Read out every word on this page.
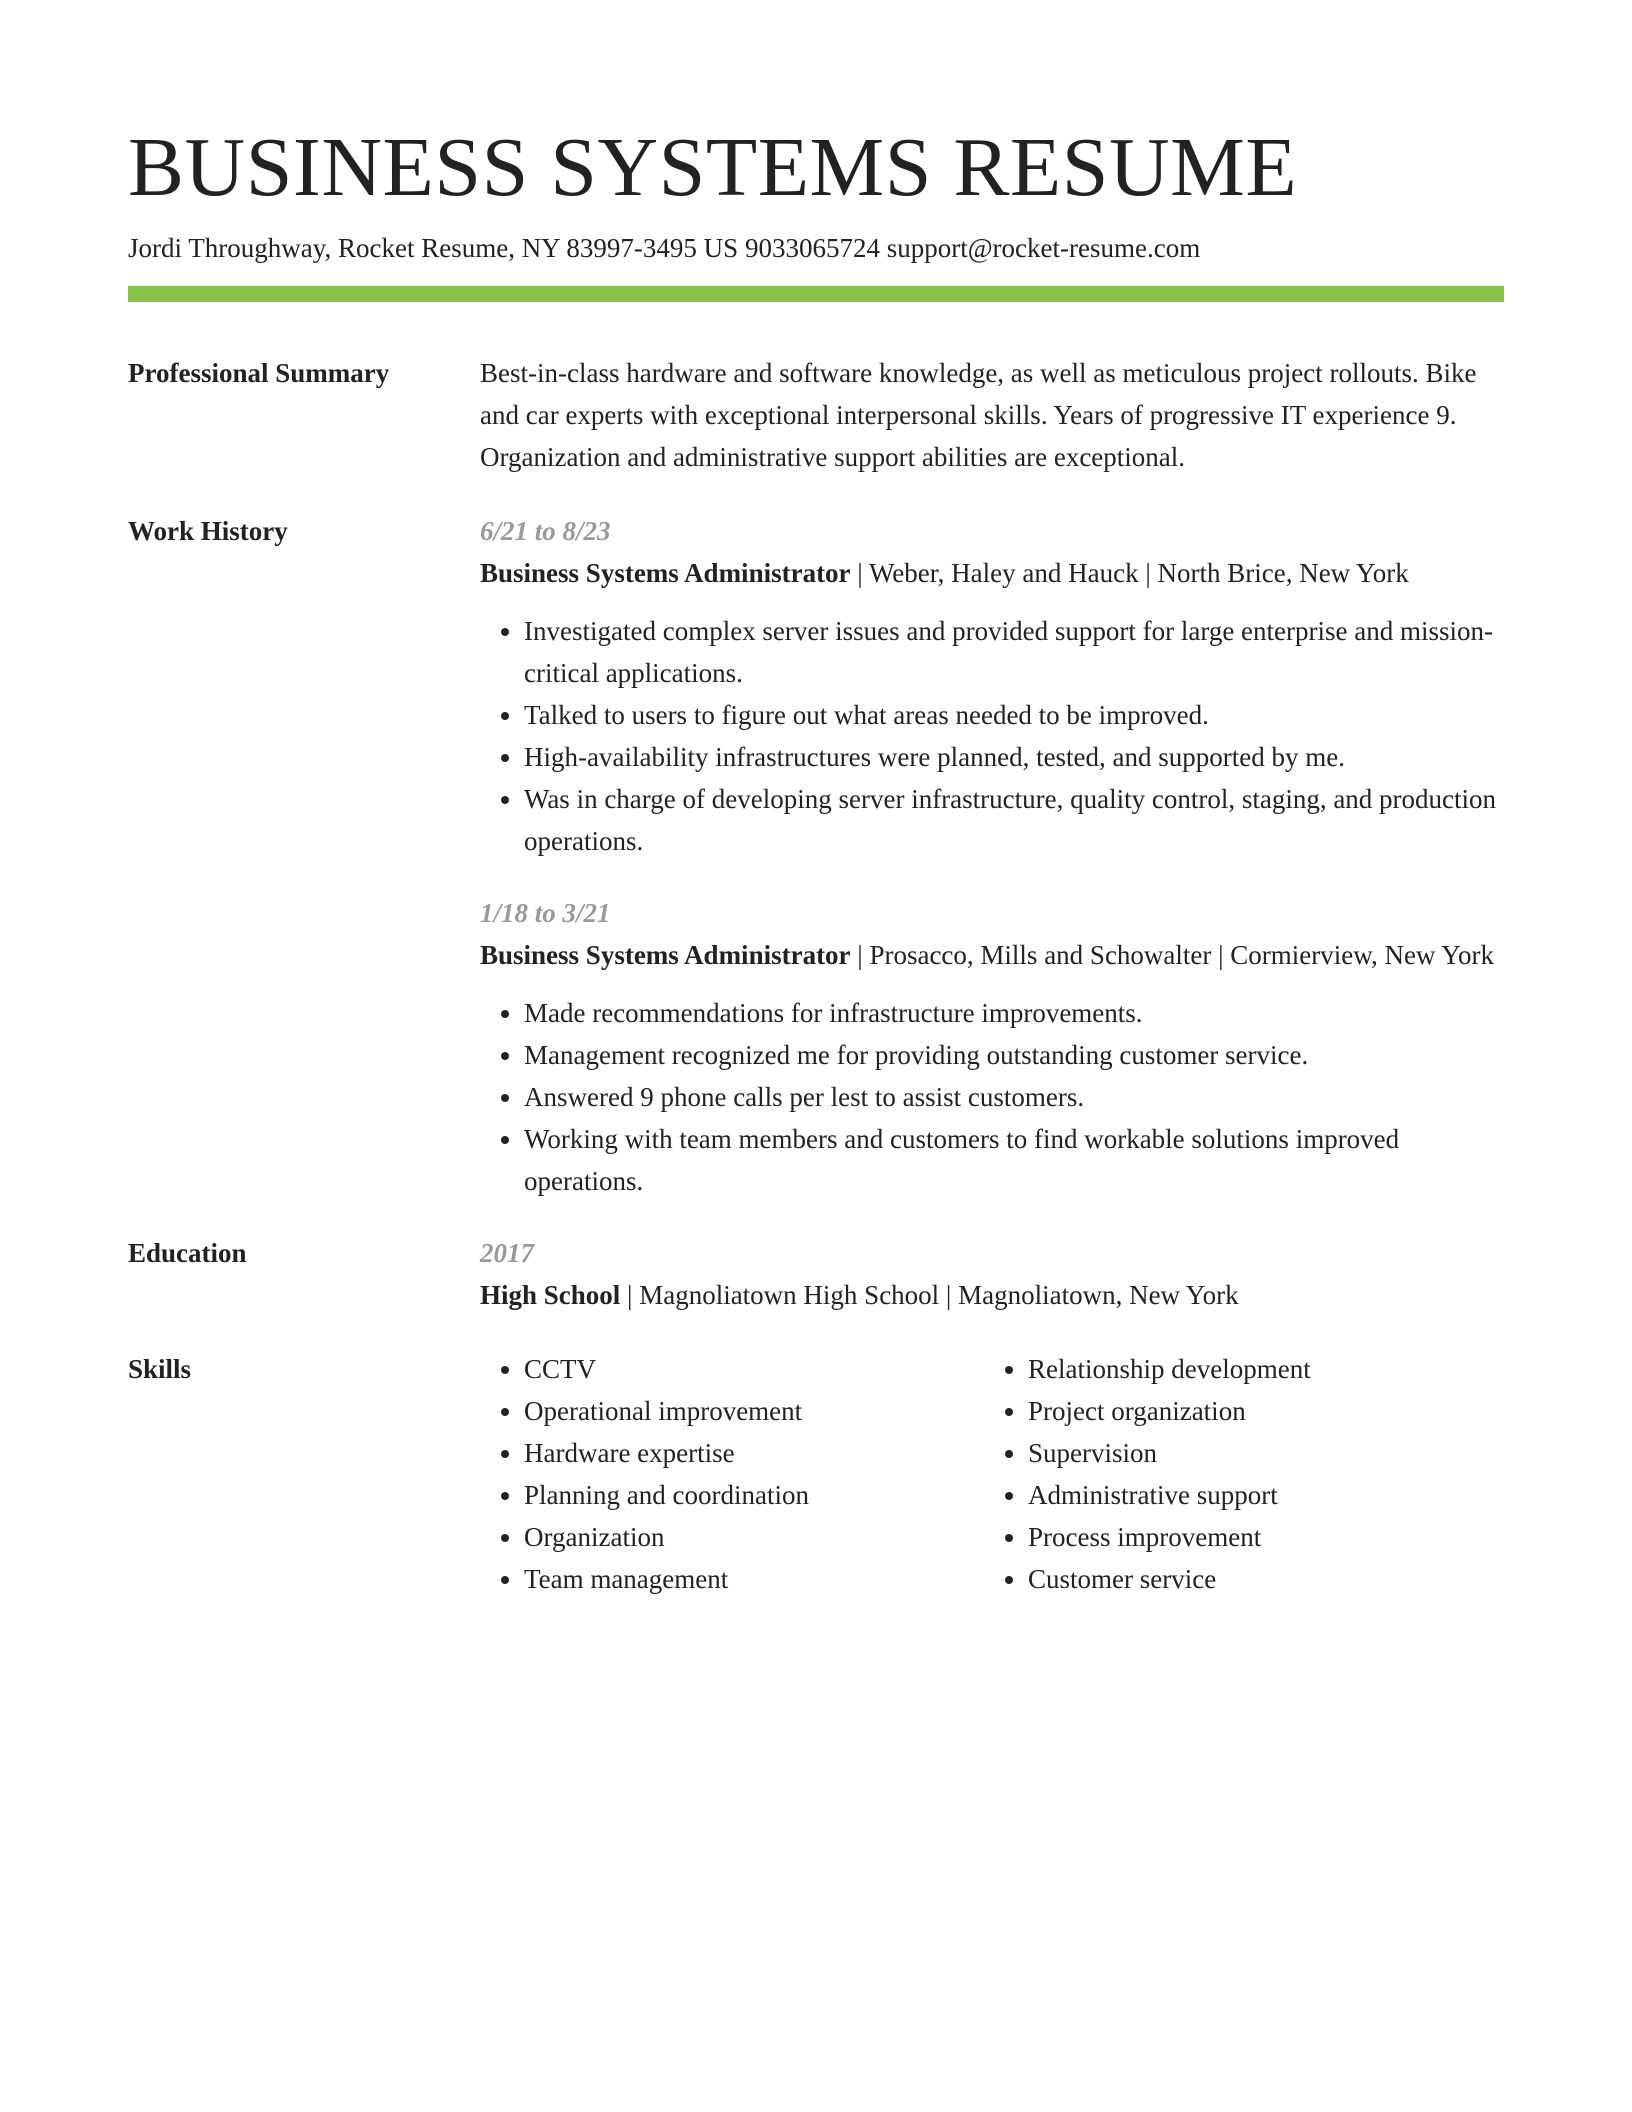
BUSINESS SYSTEMS RESUME
Jordi Throughway, Rocket Resume, NY 83997-3495 US 9033065724 support@rocket-resume.com
Professional Summary	Best-in-class hardware and software knowledge, as well as meticulous project rollouts. Bike and car experts with exceptional interpersonal skills. Years of progressive IT experience 9. Organization and administrative support abilities are exceptional.
Work History	6/21 to 8/23
Business Systems Administrator | Weber, Haley and Hauck | North Brice, New York
• Investigated complex server issues and provided support for large enterprise and mission-critical applications.
• Talked to users to figure out what areas needed to be improved.
• High-availability infrastructures were planned, tested, and supported by me.
• Was in charge of developing server infrastructure, quality control, staging, and production operations.
1/18 to 3/21
Business Systems Administrator | Prosacco, Mills and Schowalter | Cormierview, New York
• Made recommendations for infrastructure improvements.
• Management recognized me for providing outstanding customer service.
• Answered 9 phone calls per lest to assist customers.
• Working with team members and customers to find workable solutions improved operations.
Education	2017
High School | Magnoliatown High School | Magnoliatown, New York
Skills
•	CCTV
• Operational improvement
• Hardware expertise
• Planning and coordination
• Organization
• Team management
• Relationship development
• Project organization
• Supervision
• Administrative support
• Process improvement
• Customer service
